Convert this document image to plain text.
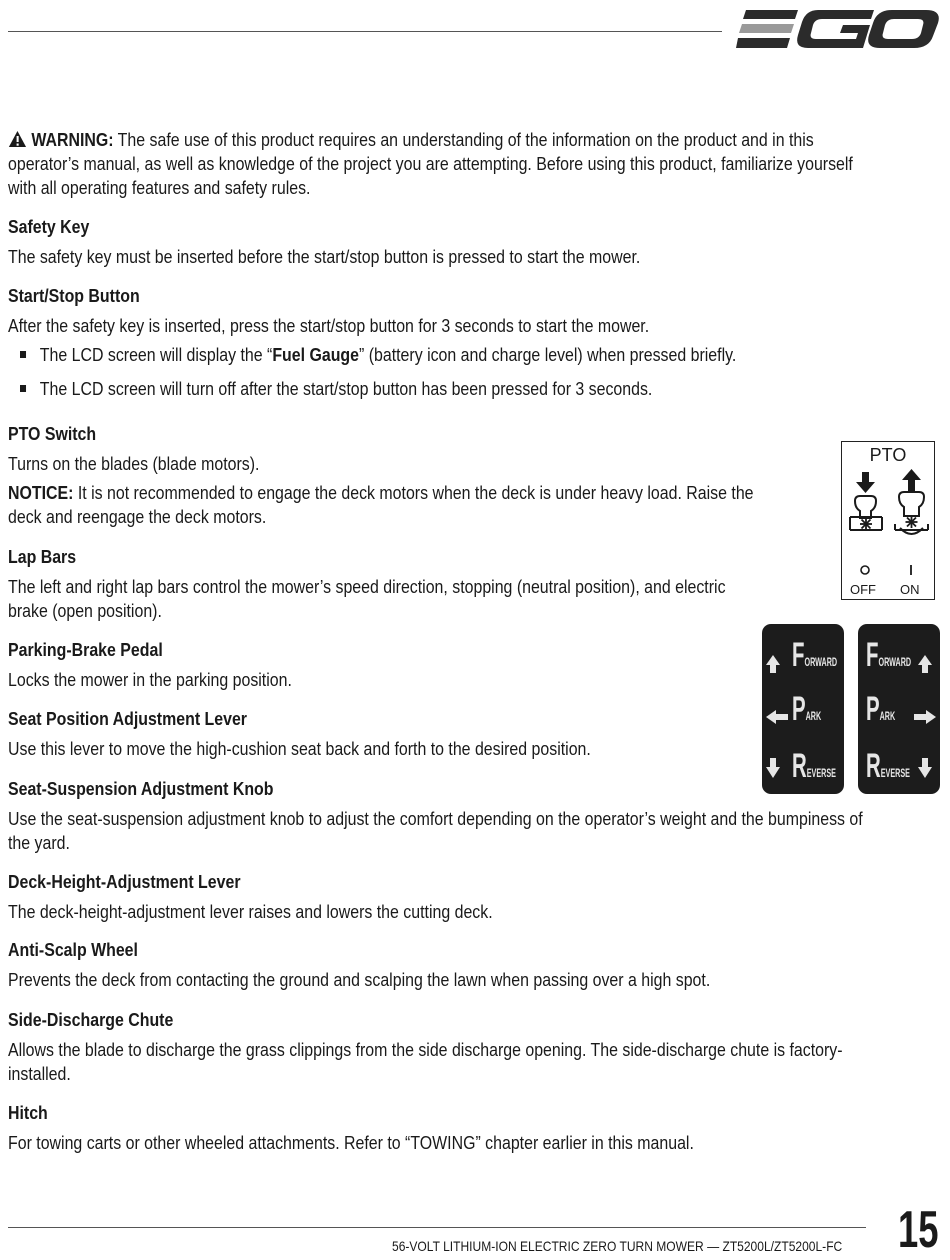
WARNING: The safe use of this product requires an understanding of the information on the product and in this

operator’s manual, as well as knowledge of the project you are attempting. Before using this product, familiarize yourself

with all operating features and safety rules.

Safety Key

The safety key must be inserted before the start/stop button is pressed to start the mower.

Start/Stop Button

After the safety key is inserted, press the start/stop button for 3 seconds to start the mower.

The LCD screen will display the “Fuel Gauge” (battery icon and charge level) when pressed briefly.

The LCD screen will turn off after the start/stop button has been pressed for 3 seconds.

PTO Switch

Turns on the blades (blade motors).

NOTICE: It is not recommended to engage the deck motors when the deck is under heavy load. Raise the

deck and reengage the deck motors.

Lap Bars

The left and right lap bars control the mower’s speed direction, stopping (neutral position), and electric

brake (open position).

Parking-Brake Pedal

Locks the mower in the parking position.

Seat Position Adjustment Lever

Use this lever to move the high-cushion seat back and forth to the desired position.

Seat-Suspension Adjustment Knob

Use the seat-suspension adjustment knob to adjust the comfort depending on the operator’s weight and the bumpiness of

the yard.

Deck-Height-Adjustment Lever

The deck-height-adjustment lever raises and lowers the cutting deck.

Anti-Scalp Wheel

Prevents the deck from contacting the ground and scalping the lawn when passing over a high spot.

Side-Discharge Chute

Allows the blade to discharge the grass clippings from the side discharge opening. The side-discharge chute is factory-

installed.

Hitch

For towing carts or other wheeled attachments. Refer to “TOWING” chapter earlier in this manual.

PTO
OFF ON
FORWARD
PARK
REVERSE
FORWARD
PARK
REVERSE
56-VOLT LITHIUM-ION ELECTRIC ZERO TURN MOWER — ZT5200L/ZT5200L-FC	15
